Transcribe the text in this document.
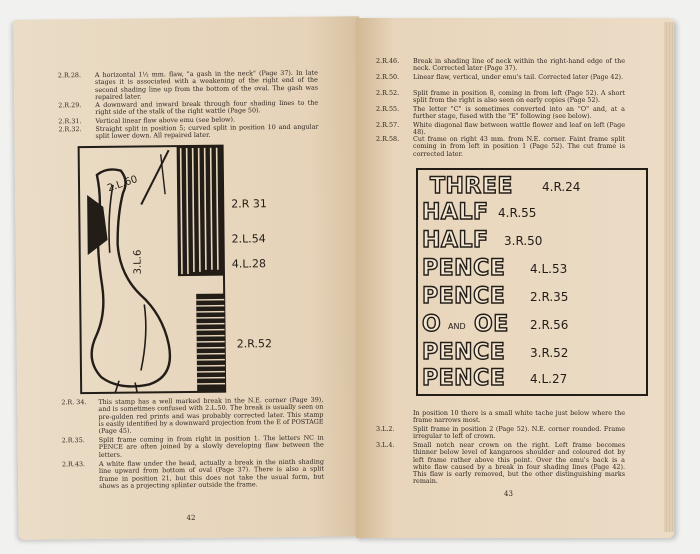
2.R.28.	A horizontal 1½ mm. flaw, "a gash in the neck" (Page 37). In late stages it is associated with a weakening of the right end of the second shading line up from the bottom of the oval. The gash was repaired later.
2.R.29.	A downward and inward break through four shading lines to the right side of the stalk of the right wattle (Page 50).
2.R.31.	Vertical linear flaw above emu (see below).
2.R.32.	Straight split in position 5; curved split in position 10 and angular split lower down. All repaired later.
2.L.60
3.L.6
2.R 31
2.L.54
4.L.28
2.R.52
2.R. 34.	This stamp has a well marked break in the N.E. corner (Page 39), and is sometimes confused with 2.L.50. The break is usually seen on pre-golden red prints and was probably corrected later. This stamp is easily identified by a downward projection from the E of POSTAGE (Page 45).
2.R.35.	Split frame coming in from right in position 1. The letters NC in PENCE are often joined by a slowly developing flaw between the letters.
2.R.43.	A white flaw under the head, actually a break in the ninth shading line upward from bottom of oval (Page 37). There is also a split frame in position 21, but this does not take the usual form, but shows as a projecting splinter outside the frame.
42
2.R.46.	Break in shading line of neck within the right-hand edge of the neck. Corrected later (Page 37).
2.R.50.	Linear flaw, vertical, under emu's tail. Corrected later (Page 42).
2.R.52.	Split frame in position 8, coming in from left (Page 52). A short split from the right is also seen on early copies (Page 52).
2.R.55.	The letter "C" is sometimes converted into an "O" and, at a further stage, fused with the "E" following (see below).
2.R.57.	White diagonal flaw between wattle flower and leaf on left (Page 48).
2.R.58.	Cut frame on right 43 mm. from N.E. corner. Faint frame split coming in from left in position 1 (Page 52). The cut frame is corrected later.
THREE 4.R.24
HALF 4.R.55
HALF 3.R.50
PENCE 4.L.53
PENCE 2.R.35
O AND OE 2.R.56
PENCE 3.R.52
PENCE 4.L.27
In position 10 there is a small white tache just below where the frame narrows most.
3.L.2.	Split frame in position 2 (Page 52). N.E. corner rounded. Frame irregular to left of crown.
3.L.4.	Small notch near crown on the right. Left frame becomes thinner below level of kangaroos shoulder and coloured dot by left frame rather above this point. Over the emu's back is a white flaw caused by a break in four shading lines (Page 42). This flaw is early removed, but the other distinguishing marks remain.
43
